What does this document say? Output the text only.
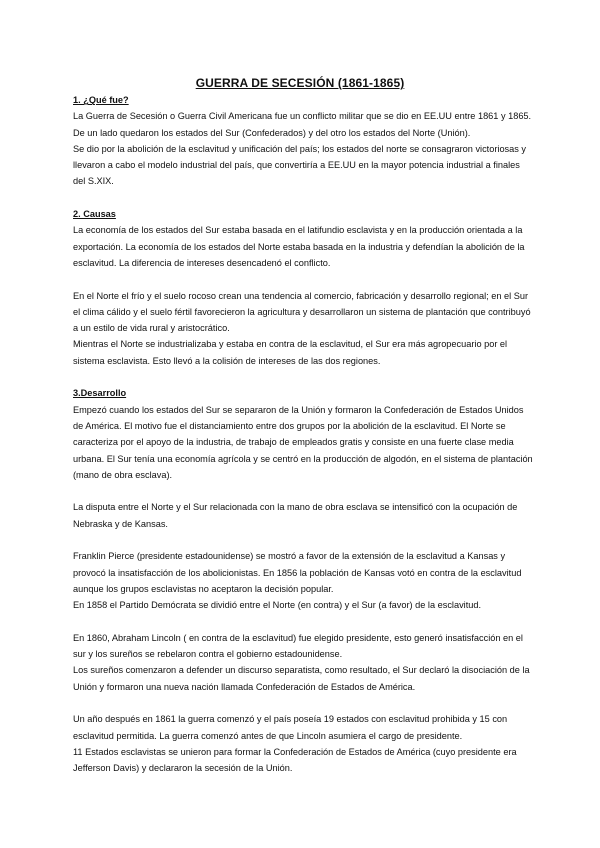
GUERRA DE SECESIÓN (1861-1865)

1. ¿Qué fue?

La Guerra de Secesión o Guerra Civil Americana fue un conflicto militar que se dio en EE.UU entre 1861 y 1865.

De un lado quedaron los estados del Sur (Confederados) y del otro los estados del Norte (Unión).

Se dio por la abolición de la esclavitud y unificación del país; los estados del norte se consagraron victoriosas y llevaron a cabo el modelo industrial del país, que convertiría a EE.UU en la mayor potencia industrial a finales del S.XIX.

2. Causas

La economía de los estados del Sur estaba basada en el latifundio esclavista y en la producción orientada a la exportación. La economía de los estados del Norte estaba basada en la industria y defendían la abolición de la esclavitud. La diferencia de intereses desencadenó el conflicto.

En el Norte el frío y el suelo rocoso crean una tendencia al comercio, fabricación y desarrollo regional; en el Sur el clima cálido y el suelo fértil favorecieron la agricultura y desarrollaron un sistema de plantación que contribuyó a un estilo de vida rural y aristocrático.

Mientras el Norte se industrializaba y estaba en contra de la esclavitud, el Sur era más agropecuario por el sistema esclavista. Esto llevó a la colisión de intereses de las dos regiones.

3.Desarrollo

Empezó cuando los estados del Sur se separaron de la Unión y formaron la Confederación de Estados Unidos de América. El motivo fue el distanciamiento entre dos grupos por la abolición de la esclavitud. El Norte se caracteriza por el apoyo de la industria, de trabajo de empleados gratis y consiste en una fuerte clase media urbana. El Sur tenía una economía agrícola y se centró en la producción de algodón, en el sistema de plantación (mano de obra esclava).

La disputa entre el Norte y el Sur relacionada con la mano de obra esclava se intensificó con la ocupación de Nebraska y de Kansas.

Franklin Pierce (presidente estadounidense) se mostró a favor de la extensión de la esclavitud a Kansas y provocó la insatisfacción de los abolicionistas. En 1856 la población de Kansas votó en contra de la esclavitud aunque los grupos esclavistas no aceptaron la decisión popular.

En 1858 el Partido Demócrata se dividió entre el Norte (en contra) y el Sur (a favor) de la esclavitud.

En 1860, Abraham Lincoln ( en contra de la esclavitud) fue elegido presidente, esto generó insatisfacción en el sur y los sureños se rebelaron contra el gobierno estadounidense.

Los sureños comenzaron a defender un discurso separatista, como resultado, el Sur declaró la disociación de la Unión y formaron una nueva nación llamada Confederación de Estados de América.

Un año después en 1861 la guerra comenzó y el país poseía 19 estados con esclavitud prohibida y 15 con esclavitud permitida. La guerra comenzó antes de que Lincoln asumiera el cargo de presidente.

11 Estados esclavistas se unieron para formar la Confederación de Estados de América (cuyo presidente era Jefferson Davis) y declararon la secesión de la Unión.
